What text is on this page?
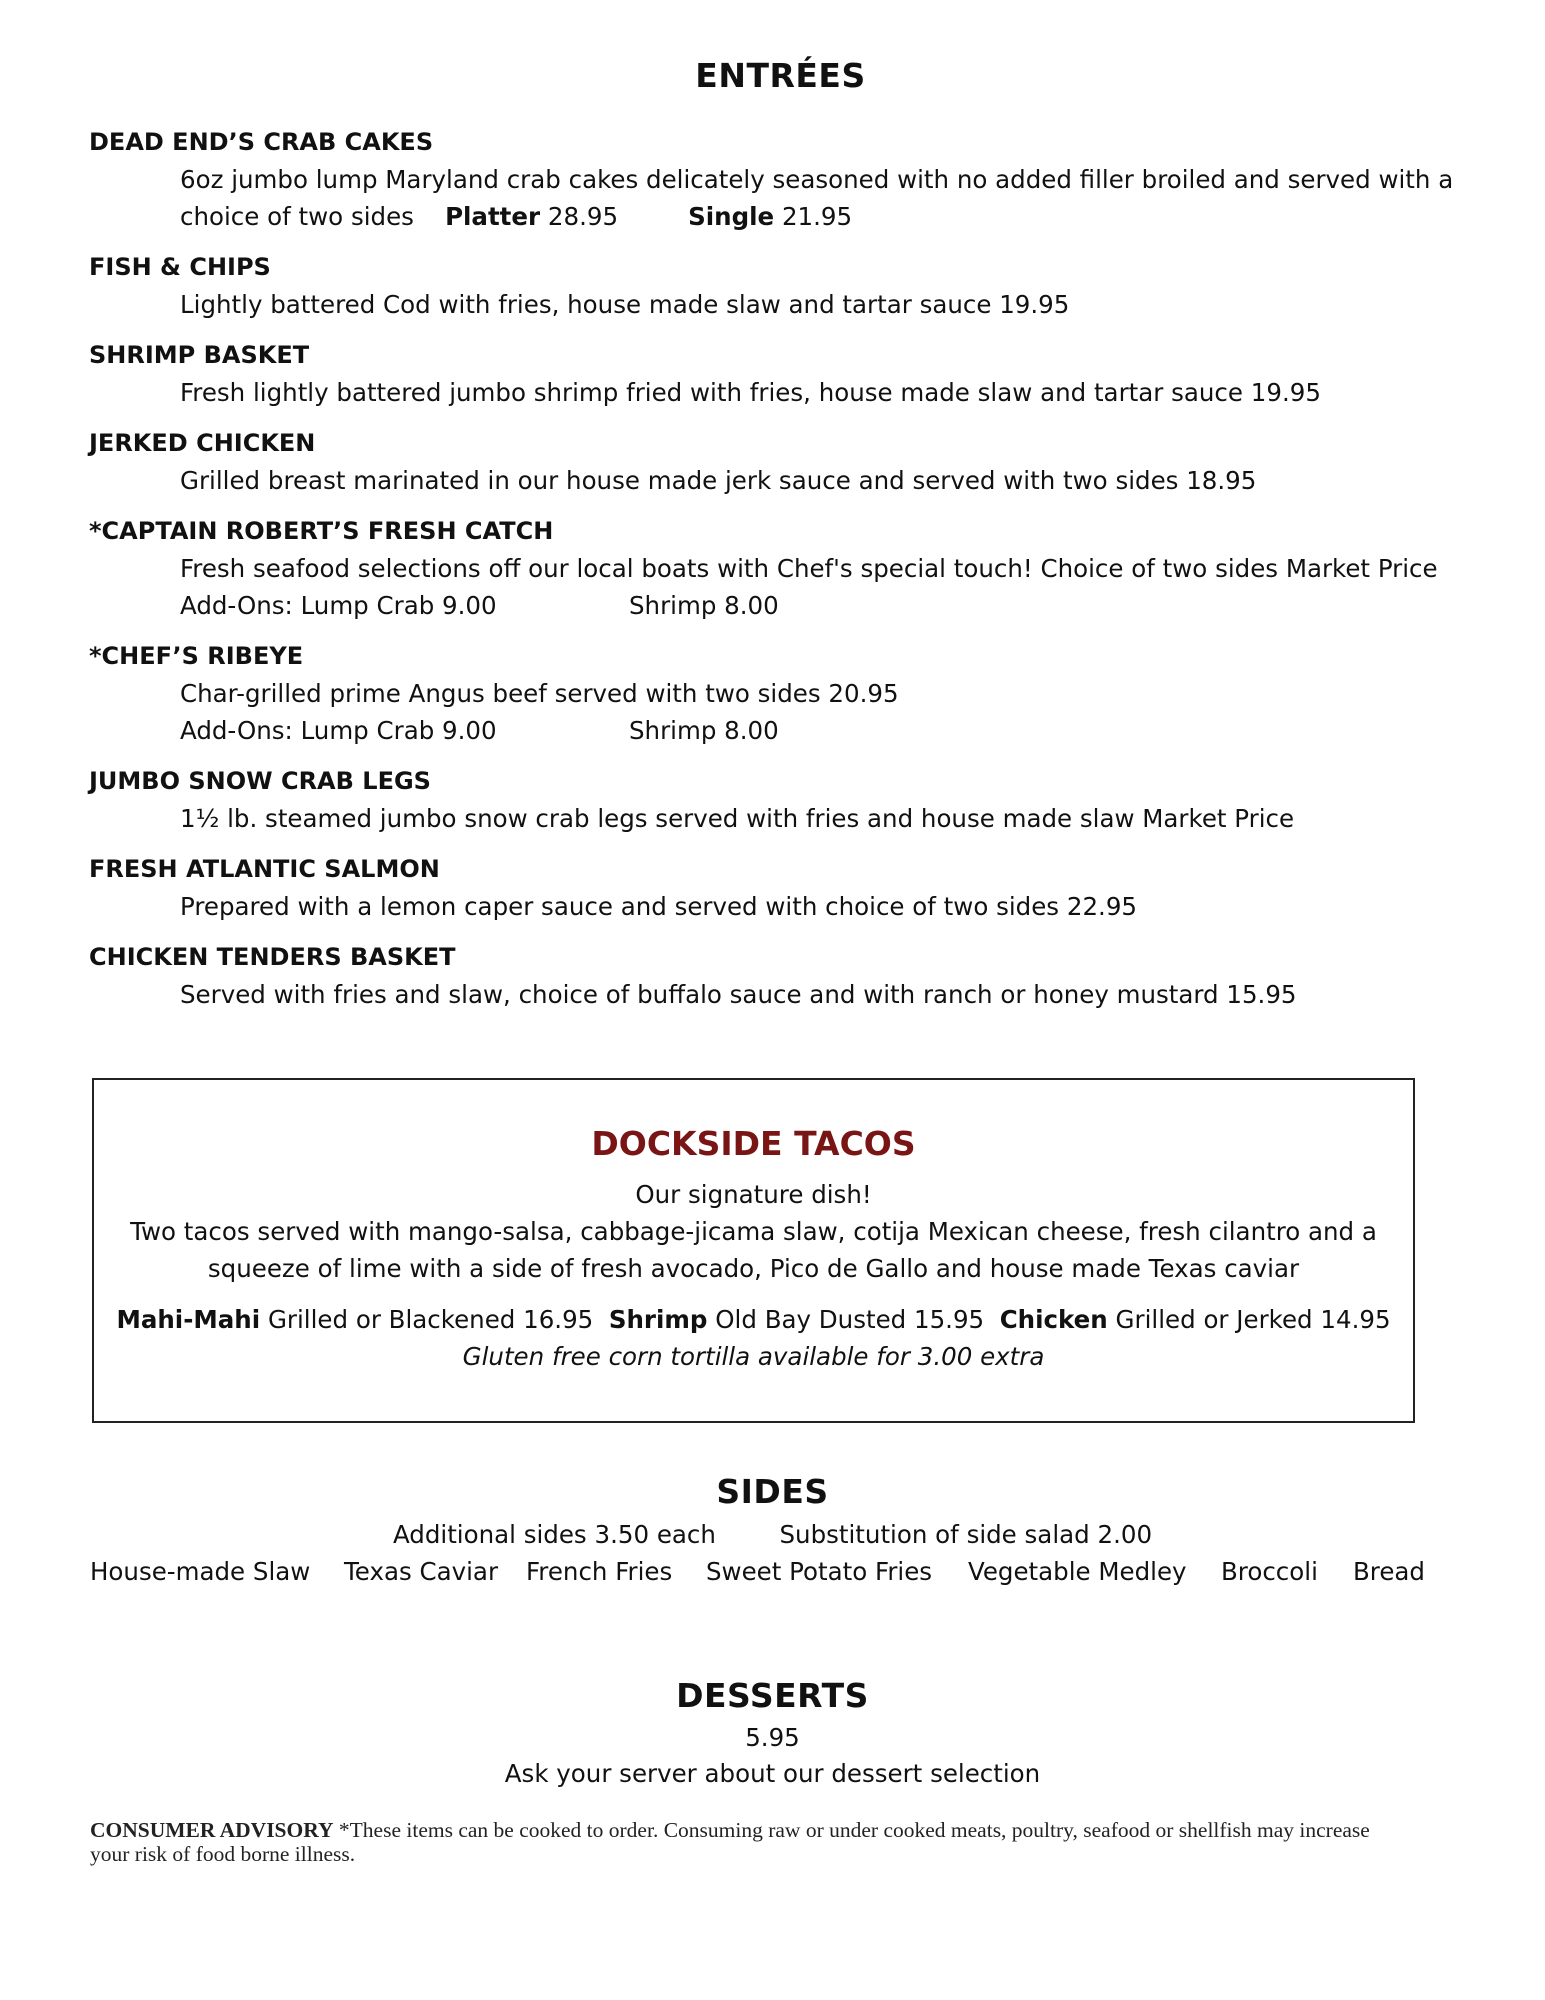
ENTRÉES
DEAD END’S CRAB CAKES
6oz jumbo lump Maryland crab cakes delicately seasoned with no added filler broiled and served with a
choice of two sides Platter 28.95	Single 21.95
FISH & CHIPS
Lightly battered Cod with fries, house made slaw and tartar sauce 19.95
SHRIMP BASKET
Fresh lightly battered jumbo shrimp fried with fries, house made slaw and tartar sauce 19.95
JERKED CHICKEN
Grilled breast marinated in our house made jerk sauce and served with two sides 18.95
*CAPTAIN ROBERT’S FRESH CATCH
Fresh seafood selections off our local boats with Chef's special touch! Choice of two sides Market Price
Add-Ons: Lump Crab 9.00	Shrimp 8.00
*CHEF’S RIBEYE
Char-grilled prime Angus beef served with two sides 20.95
Add-Ons: Lump Crab 9.00	Shrimp 8.00
JUMBO SNOW CRAB LEGS
1½ lb. steamed jumbo snow crab legs served with fries and house made slaw Market Price
FRESH ATLANTIC SALMON
Prepared with a lemon caper sauce and served with choice of two sides 22.95
CHICKEN TENDERS BASKET
Served with fries and slaw, choice of buffalo sauce and with ranch or honey mustard 15.95
DOCKSIDE TACOS
Our signature dish!
Two tacos served with mango-salsa, cabbage-jicama slaw, cotija Mexican cheese, fresh cilantro and a
squeeze of lime with a side of fresh avocado, Pico de Gallo and house made Texas caviar
Mahi-Mahi Grilled or Blackened 16.95 Shrimp Old Bay Dusted 15.95 Chicken Grilled or Jerked 14.95
Gluten free corn tortilla available for 3.00 extra
SIDES
Additional sides 3.50 each	Substitution of side salad 2.00
House-made Slaw Texas Caviar French Fries Sweet Potato Fries Vegetable Medley Broccoli Bread
DESSERTS
5.95
Ask your server about our dessert selection
CONSUMER ADVISORY *These items can be cooked to order. Consuming raw or under cooked meats, poultry, seafood or shellfish may increase your risk of food borne illness.
